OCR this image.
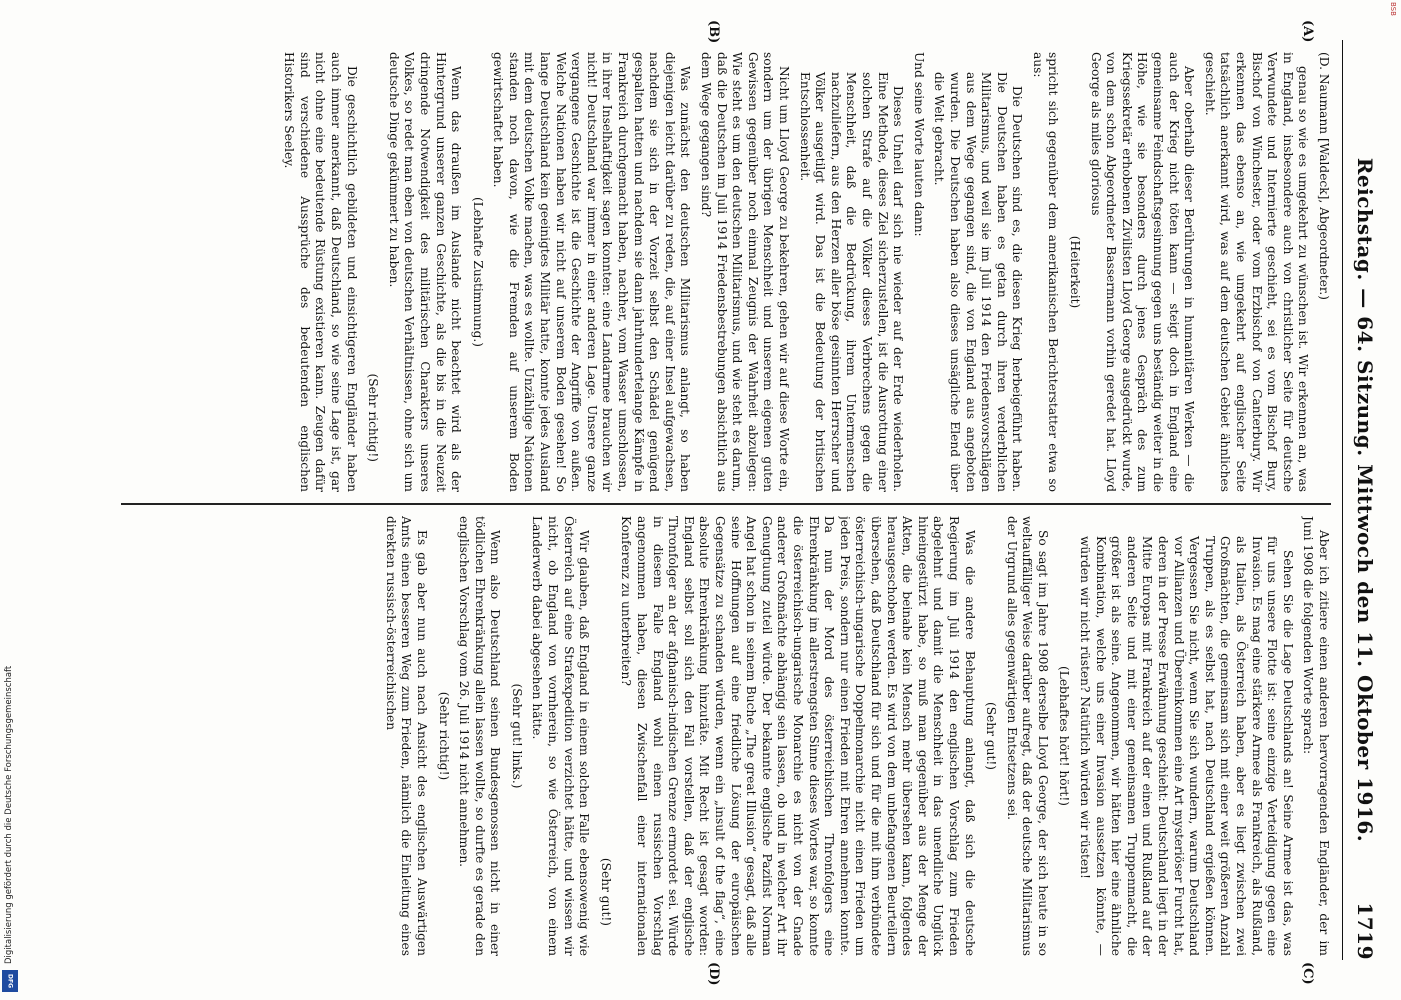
Reichstag. — 64. Sitzung. Mittwoch den 11. Oktober 1916.
1719
(A)
(B)
(C)
(D)

(D. Naumann [Waldeck], Abgeordneter.)

genau so wie es umgekehrt zu wünschen ist. Wir erkennen an, was in England, insbesondere auch von christlicher Seite für deutsche Verwundete und Internierte geschieht, sei es vom Bischof Bury, Bischof von Winchester, oder vom Erzbischof von Canterbury. Wir erkennen das ebenso an, wie umgekehrt auf englischer Seite tatsächlich anerkannt wird, was auf dem deutschen Gebiet ähnliches geschieht.

Aber oberhalb dieser Berührungen in humanitären Werken — die auch der Krieg nicht töten kann — steigt doch in England eine gemeinsame Feindschaftsgesinnung gegen uns beständig weiter in die Höhe, wie sie besonders durch jenes Gespräch des zum Kriegssekretär erhobenen Zivilisten Lloyd George ausgedrückt wurde, von dem schon Abgeordneter Bassermann vorhin geredet hat. Lloyd George als miles gloriosus

(Heiterkeit)

spricht sich gegenüber dem amerikanischen Berichterstatter etwa so aus:

Die Deutschen sind es, die diesen Krieg herbeigeführt haben. Die Deutschen haben es getan durch ihren verderblichen Militarismus, und weil sie im Juli 1914 den Friedensvorschlägen aus dem Wege gegangen sind, die von England aus angeboten wurden. Die Deutschen haben also dieses unsägliche Elend über die Welt gebracht.

Und seine Worte lauten dann:

Dieses Unheil darf sich nie wieder auf der Erde wiederholen. Eine Methode, dieses Ziel sicherzustellen, ist die Ausrottung einer solchen Strafe auf die Völker dieses Verbrechens gegen die Menschheit, daß die Bedrückung, ihrem Untermenschen nachzuliefern, aus den Herzen aller böse gesinnten Herrscher und Völker ausgetilgt wird. Das ist die Bedeutung der britischen Entschlossenheit.

Nicht um Lloyd George zu bekehren, gehen wir auf diese Worte ein, sondern um der übrigen Menschheit und unserem eigenen guten Gewissen gegenüber noch einmal Zeugnis der Wahrheit abzulegen: Wie steht es um den deutschen Militarismus, und wie steht es darum, daß die Deutschen im Juli 1914 Friedensbestrebungen absichtlich aus dem Wege gegangen sind?

Was zunächst den deutschen Militarismus anlangt, so haben diejenigen leicht darüber zu reden, die, auf einer Insel aufgewachsen, nachdem sie sich in der Vorzeit selbst den Schädel genügend gespalten hatten und nachdem sie dann jahrhundertelange Kämpfe in Frankreich durchgemacht haben, nachher, vom Wasser umschlossen, in ihrer Inselhaftigkeit sagen konnten: eine Landarmee brauchen wir nicht! Deutschland war immer in einer anderen Lage. Unsere ganze vergangene Geschichte ist die Geschichte der Angriffe von außen. Welche Nationen haben wir nicht auf unserem Boden gesehen! So lange Deutschland kein geeinigtes Militär hatte, konnte jedes Ausland mit dem deutschen Volke machen, was es wollte. Unzählige Nationen standen noch davon, wie die Fremden auf unserem Boden gewirtschaftet haben.

(Lebhafte Zustimmung.)

Wenn das draußen im Auslande nicht beachtet wird als der Hintergrund unserer ganzen Geschichte, als die bis in die Neuzeit dringende Notwendigkeit des militärischen Charakters unseres Volkes, so redet man eben von deutschen Verhältnissen, ohne sich um deutsche Dinge gekümmert zu haben.

(Sehr richtig!)

Die geschichtlich gebildeten und einsichtigeren Engländer haben auch immer anerkannt, daß Deutschland, so wie seine Lage ist, gar nicht ohne eine bedeutende Rüstung existieren kann. Zeugen dafür sind verschiedene Aussprüche des bedeutenden englischen Historikers Seeley.

Aber ich zitiere einen anderen hervorragenden Engländer, der im Juni 1908 die folgenden Worte sprach:

Sehen Sie die Lage Deutschlands an! Seine Armee ist das, was für uns unsere Flotte ist: seine einzige Verteidigung gegen eine Invasion. Es mag eine stärkere Armee als Frankreich, als Rußland, als Italien, als Österreich haben, aber es liegt zwischen zwei Großmächten, die gemeinsam sich mit einer weit größeren Anzahl Truppen, als es selbst hat, nach Deutschland ergießen können. Vergessen Sie nicht, wenn Sie sich wundern, warum Deutschland vor Allianzen und Übereinkommen eine Art mysteriöser Furcht hat, deren in der Presse Erwähnung geschieht: Deutschland liegt in der Mitte Europas mit Frankreich auf der einen und Rußland auf der anderen Seite und mit einer gemeinsamen Truppenmacht, die größer ist als seine. Angenommen, wir hätten hier eine ähnliche Kombination, welche uns einer Invasion aussetzen könnte, — würden wir nicht rüsten? Natürlich würden wir rüsten!

(Lebhaftes hört! hört!)

So sagt im Jahre 1908 derselbe Lloyd George, der sich heute in so weltauffälliger Weise darüber aufregt, daß der deutsche Militarismus der Urgrund alles gegenwärtigen Entsetzens sei.

(Sehr gut!)

Was die andere Behauptung anlangt, daß sich die deutsche Regierung im Juli 1914 den englischen Vorschlag zum Frieden abgelehnt und damit die Menschheit in das unendliche Unglück hineingestürzt habe, so muß man gegenüber aus der Menge der Akten, die beinahe kein Mensch mehr übersehen kann, folgendes herausgeschoben werden. Es wird von dem unbefangenen Beurteilern übersehen, daß Deutschland für sich und für die mit ihm verbündete österreichisch-ungarische Doppelmonarchie nicht einen Frieden um jeden Preis, sondern nur einen Frieden mit Ehren annehmen konnte. Da nun der Mord des österreichischen Thronfolgers eine Ehrenkränkung im allerstrengsten Sinne dieses Wortes war, so konnte die österreichisch-ungarische Monarchie es nicht von der Gnade anderer Großmächte abhängig sein lassen, ob und in welcher Art ihr Genugtuung zuteil würde. Der bekannte englische Pazifist Norman Angel hat schon in seinem Buche „The great Illusion“ gesagt, daß alle seine Hoffnungen auf eine friedliche Lösung der europäischen Gegensätze zu schanden würden, wenn ein „insult of the flag“, eine absolute Ehrenkränkung hinzutäte. Mit Recht ist gesagt worden: England selbst soll sich den Fall vorstellen, daß der englische Thronfolger an der afghanisch-indischen Grenze ermordet sei. Würde in diesem Falle England wohl einen russischen Vorschlag angenommen haben, diesen Zwischenfall einer internationalen Konferenz zu unterbreiten?

(Sehr gut!)

Wir glauben, daß England in einem solchen Falle ebensowenig wie Österreich auf eine Strafexpedition verzichtet hätte, und wissen wir nicht, ob England von vornherein, so wie Österreich, von einem Landerwerb dabei abgesehen hätte.

(Sehr gut! links.)

Wenn also Deutschland seinen Bundesgenossen nicht in einer tödlichen Ehrenkränkung allein lassen wollte, so durfte es gerade den englischen Vorschlag vom 26. Juli 1914 nicht annehmen.

(Sehr richtig!)

Es gab aber nun auch nach Ansicht des englischen Auswärtigen Amts einen besseren Weg zum Frieden, nämlich die Einleitung eines direkten russisch-österreichischen

BSB
DFG
Digitalisierung gefördert durch die Deutsche Forschungsgemeinschaft
